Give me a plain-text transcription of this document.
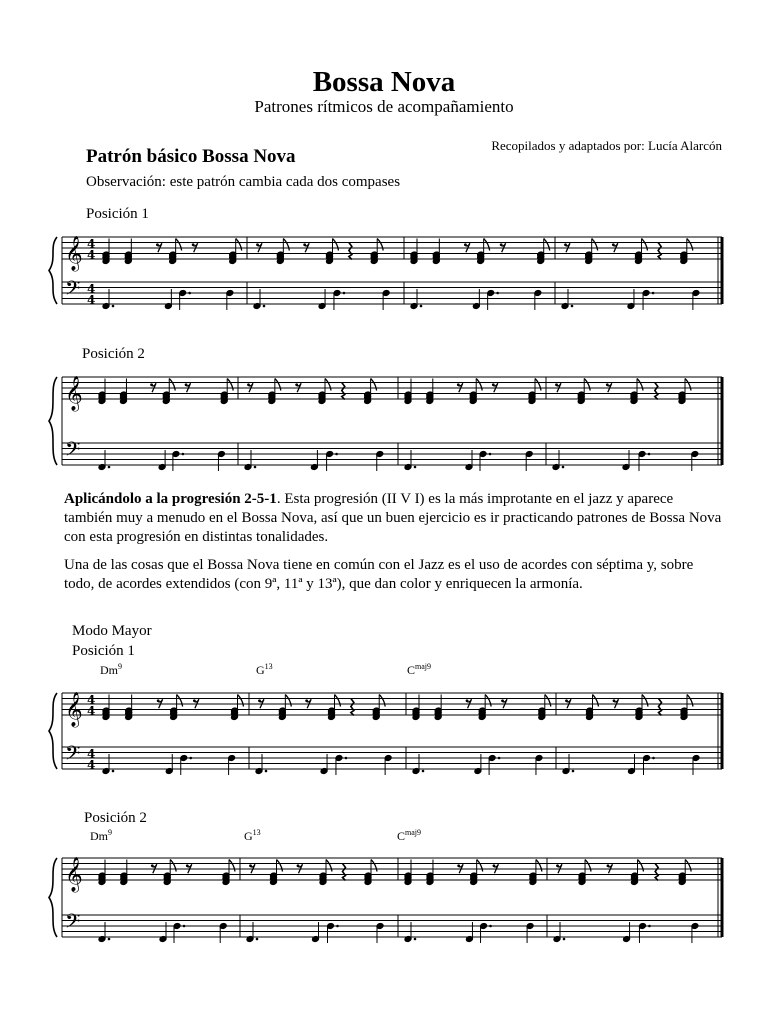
Bossa Nova
Patrones rítmicos de acompañamiento
Recopilados y adaptados por: Lucía Alarcón
Patrón básico Bossa Nova
Observación: este patrón cambia cada dos compases
Posición 1
Posición 2
Aplicándolo a la progresión 2-5-1. Esta progresión (II V I) es la más improtante en el jazz y aparece también muy a menudo en el Bossa Nova, así que un buen ejercicio es ir practicando patrones de Bossa Nova con esta progresión en distintas tonalidades.
Una de las cosas que el Bossa Nova tiene en común con el Jazz es el uso de acordes con séptima y, sobre todo, de acordes extendidos (con 9ª, 11ª y 13ª), que dan color y enriquecen la armonía.
Modo Mayor
Posición 1
Posición 2
Dm$^9$	$G^{13}$	$C^{maj9}$
Dm$^9$	$G^{13}$	$C^{maj9}$
𝄞
𝄢
4
4
4
4
𝄞
𝄢
𝄞
𝄢
4
4
4
4
𝄞
𝄢
